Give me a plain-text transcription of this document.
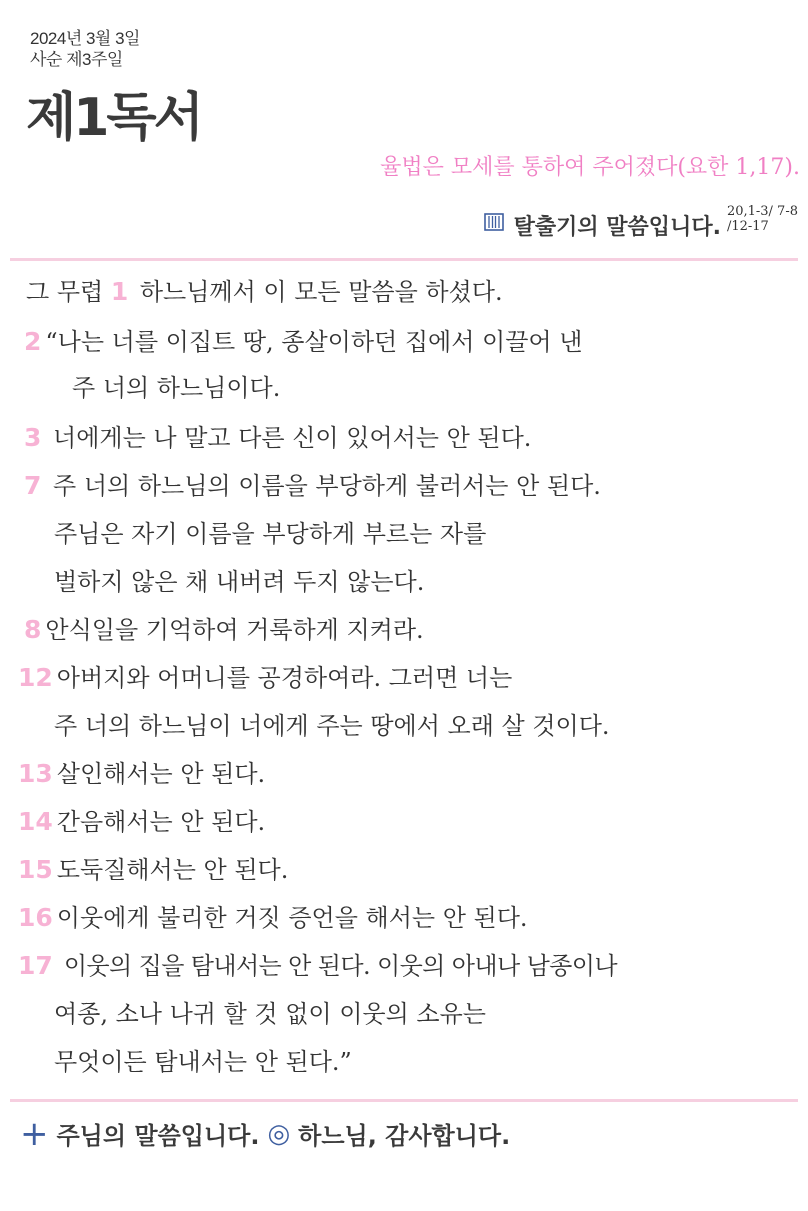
2024년 3월 3일
사순 제3주일
제1독서
율법은 모세를 통하여 주어졌다(요한 1,17).
탈출기의 말씀입니다.
20,1-3/ 7-8
/12-17
그 무렵 1 하느님께서 이 모든 말씀을 하셨다.
2 “나는 너를 이집트 땅, 종살이하던 집에서 이끌어 낸
주 너의 하느님이다.
3 너에게는 나 말고 다른 신이 있어서는 안 된다.
7 주 너의 하느님의 이름을 부당하게 불러서는 안 된다.
주님은 자기 이름을 부당하게 부르는 자를
벌하지 않은 채 내버려 두지 않는다.
8 안식일을 기억하여 거룩하게 지켜라.
12 아버지와 어머니를 공경하여라. 그러면 너는
주 너의 하느님이 너에게 주는 땅에서 오래 살 것이다.
13 살인해서는 안 된다.
14 간음해서는 안 된다.
15 도둑질해서는 안 된다.
16 이웃에게 불리한 거짓 증언을 해서는 안 된다.
17 이웃의 집을 탐내서는 안 된다. 이웃의 아내나 남종이나
여종, 소나 나귀 할 것 없이 이웃의 소유는
무엇이든 탐내서는 안 된다.”
+ 주님의 말씀입니다. ◎ 하느님, 감사합니다.
